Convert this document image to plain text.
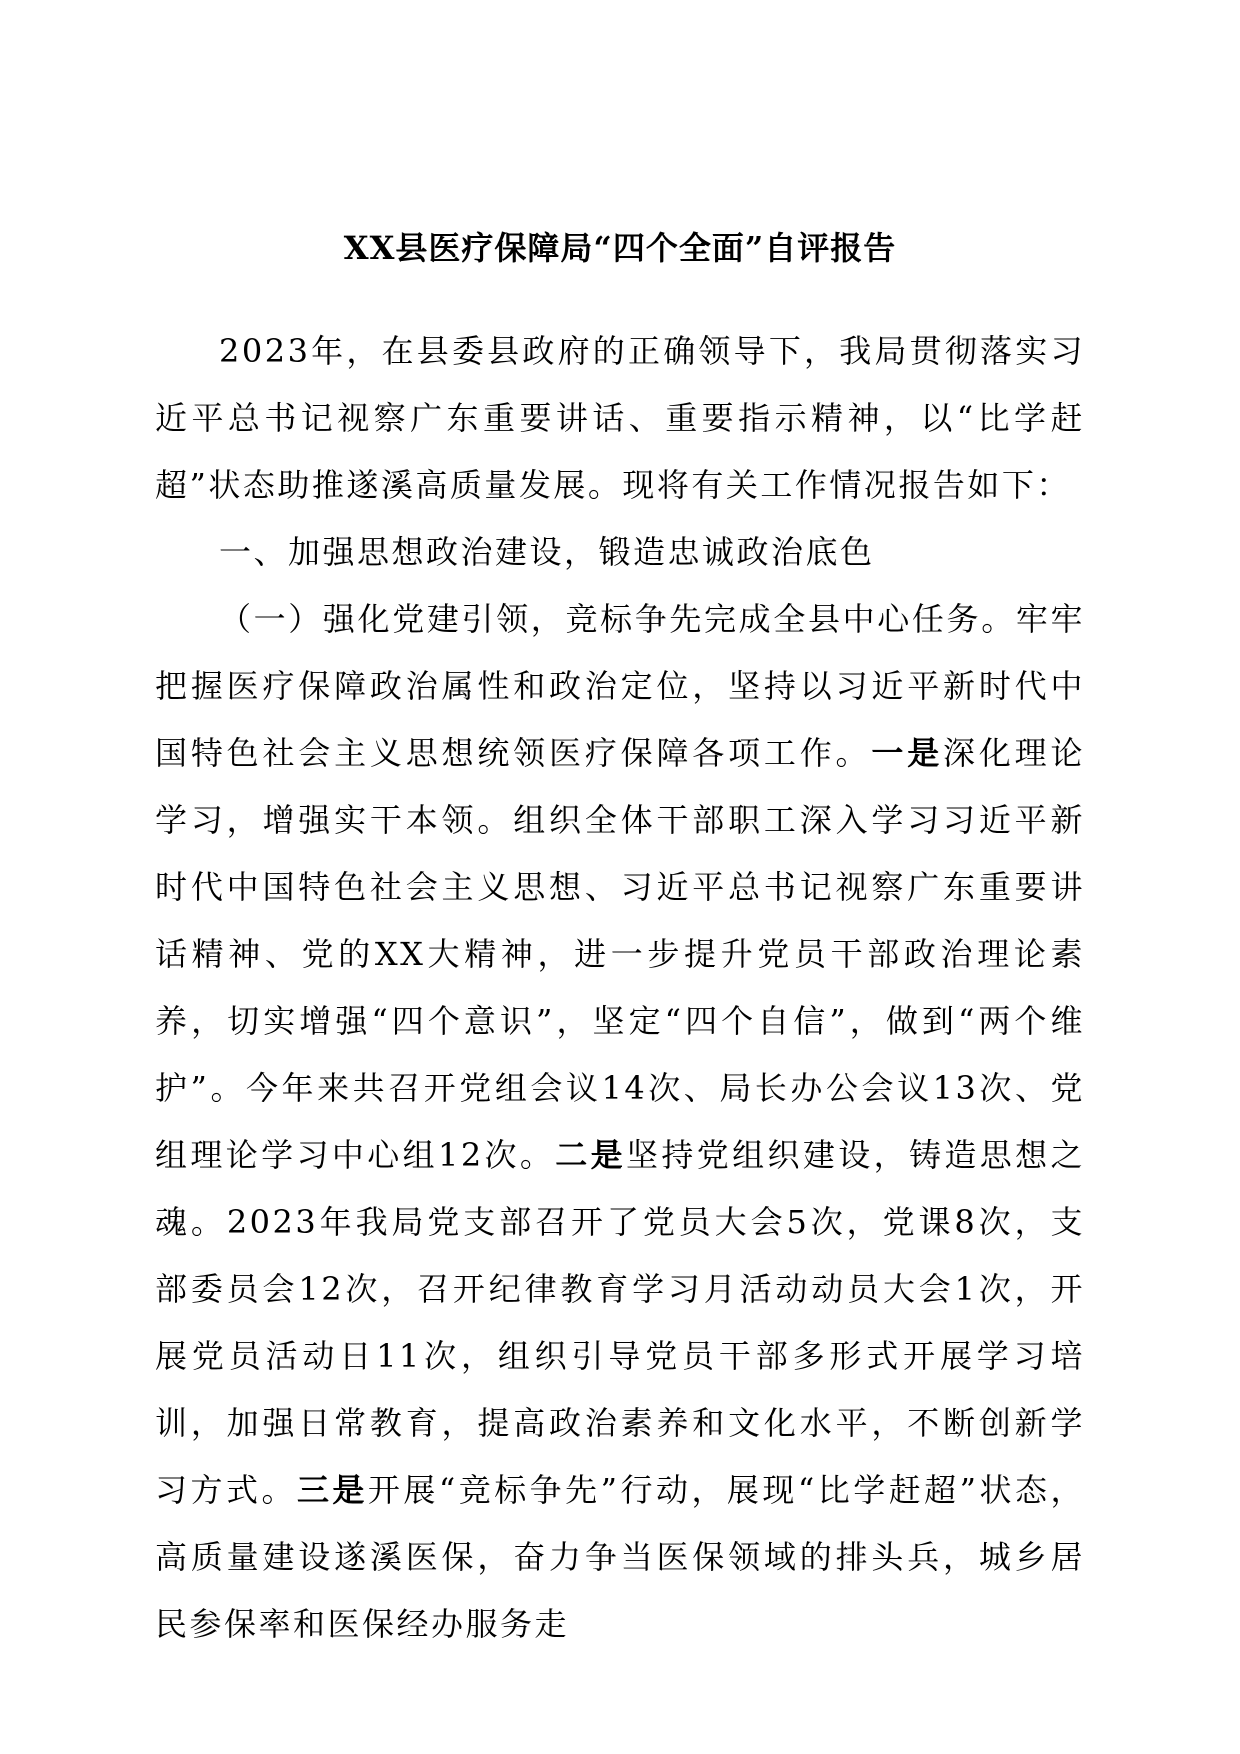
XX县医疗保障局“四个全面”自评报告

2023年，在县委县政府的正确领导下，我局贯彻落实习近平总书记视察广东重要讲话、重要指示精神，以“比学赶超”状态助推遂溪高质量发展。现将有关工作情况报告如下：

一、加强思想政治建设，锻造忠诚政治底色

（一）强化党建引领，竞标争先完成全县中心任务。牢牢把握医疗保障政治属性和政治定位，坚持以习近平新时代中国特色社会主义思想统领医疗保障各项工作。一是深化理论学习，增强实干本领。组织全体干部职工深入学习习近平新时代中国特色社会主义思想、习近平总书记视察广东重要讲话精神、党的XX大精神，进一步提升党员干部政治理论素养，切实增强“四个意识”，坚定“四个自信”，做到“两个维护”。今年来共召开党组会议14次、局长办公会议13次、党组理论学习中心组12次。二是坚持党组织建设，铸造思想之魂。2023年我局党支部召开了党员大会5次，党课8次，支部委员会12次，召开纪律教育学习月活动动员大会1次，开展党员活动日11次，组织引导党员干部多形式开展学习培训，加强日常教育，提高政治素养和文化水平，不断创新学习方式。三是开展“竞标争先”行动，展现“比学赶超”状态，高质量建设遂溪医保，奋力争当医保领域的排头兵，城乡居民参保率和医保经办服务走
